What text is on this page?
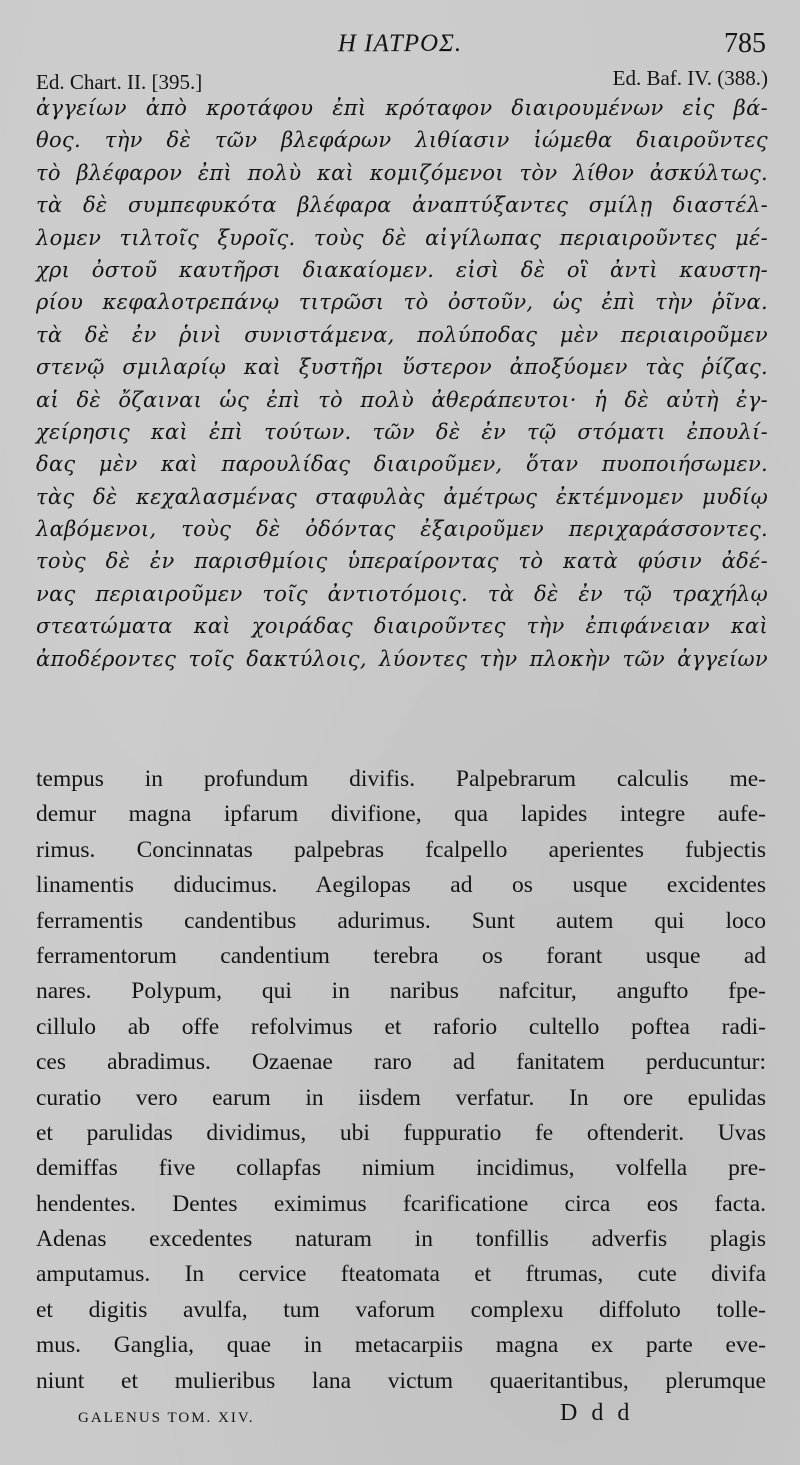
Η ΙΑΤΡΟΣ.	785
Ed. Chart. II. [395.]	Ed. Baf. IV. (388.)
ἀγγείων ἀπὸ κροτάφου ἐπὶ κρόταφον διαιρουμένων εἰς βά-
θος. τὴν δὲ τῶν βλεφάρων λιθίασιν ἰώμεθα διαιροῦντες
τὸ βλέφαρον ἐπὶ πολὺ καὶ κομιζόμενοι τὸν λίθον ἀσκύλτως.
τὰ δὲ συμπεφυκότα βλέφαρα ἀναπτύξαντες σμίλῃ διαστέλ-
λομεν τιλτοῖς ξυροῖς. τοὺς δὲ αἰγίλωπας περιαιροῦντες μέ-
χρι ὀστοῦ καυτῆρσι διακαίομεν. εἰσὶ δὲ οἳ ἀντὶ καυστη-
ρίου κεφαλοτρεπάνῳ τιτρῶσι τὸ ὀστοῦν, ὡς ἐπὶ τὴν ῥῖνα.
τὰ δὲ ἐν ῥινὶ συνιστάμενα, πολύποδας μὲν περιαιροῦμεν
στενῷ σμιλαρίῳ καὶ ξυστῆρι ὕστερον ἀποξύομεν τὰς ῥίζας.
αἱ δὲ ὄζαιναι ὡς ἐπὶ τὸ πολὺ ἀθεράπευτοι· ἡ δὲ αὐτὴ ἐγ-
χείρησις καὶ ἐπὶ τούτων. τῶν δὲ ἐν τῷ στόματι ἐπουλί-
δας μὲν καὶ παρουλίδας διαιροῦμεν, ὅταν πυοποιήσωμεν.
τὰς δὲ κεχαλασμένας σταφυλὰς ἀμέτρως ἐκτέμνομεν μυδίῳ
λαβόμενοι, τοὺς δὲ ὀδόντας ἐξαιροῦμεν περιχαράσσοντες.
τοὺς δὲ ἐν παρισθμίοις ὑπεραίροντας τὸ κατὰ φύσιν ἀδέ-
νας περιαιροῦμεν τοῖς ἀντιοτόμοις. τὰ δὲ ἐν τῷ τραχήλῳ
στεατώματα καὶ χοιράδας διαιροῦντες τὴν ἐπιφάνειαν καὶ
ἀποδέροντες τοῖς δακτύλοις, λύοντες τὴν πλοκὴν τῶν ἀγγείων
tempus in profundum divifis. Palpebrarum calculis me-
demur magna ipfarum divifione, qua lapides integre aufe-
rimus. Concinnatas palpebras fcalpello aperientes fubjectis
linamentis diducimus. Aegilopas ad os usque excidentes
ferramentis candentibus adurimus. Sunt autem qui loco
ferramentorum candentium terebra os forant usque ad
nares. Polypum, qui in naribus nafcitur, angufto fpe-
cillulo ab offe refolvimus et raforio cultello poftea radi-
ces abradimus. Ozaenae raro ad fanitatem perducuntur:
curatio vero earum in iisdem verfatur. In ore epulidas
et parulidas dividimus, ubi fuppuratio fe oftenderit. Uvas
demiffas five collapfas nimium incidimus, volfella pre-
hendentes. Dentes eximimus fcarificatione circa eos facta.
Adenas excedentes naturam in tonfillis adverfis plagis
amputamus. In cervice fteatomata et ftrumas, cute divifa
et digitis avulfa, tum vaforum complexu diffoluto tolle-
mus. Ganglia, quae in metacarpiis magna ex parte eve-
niunt et mulieribus lana victum quaeritantibus, plerumque
GALENUS TOM. XIV.	D d d
